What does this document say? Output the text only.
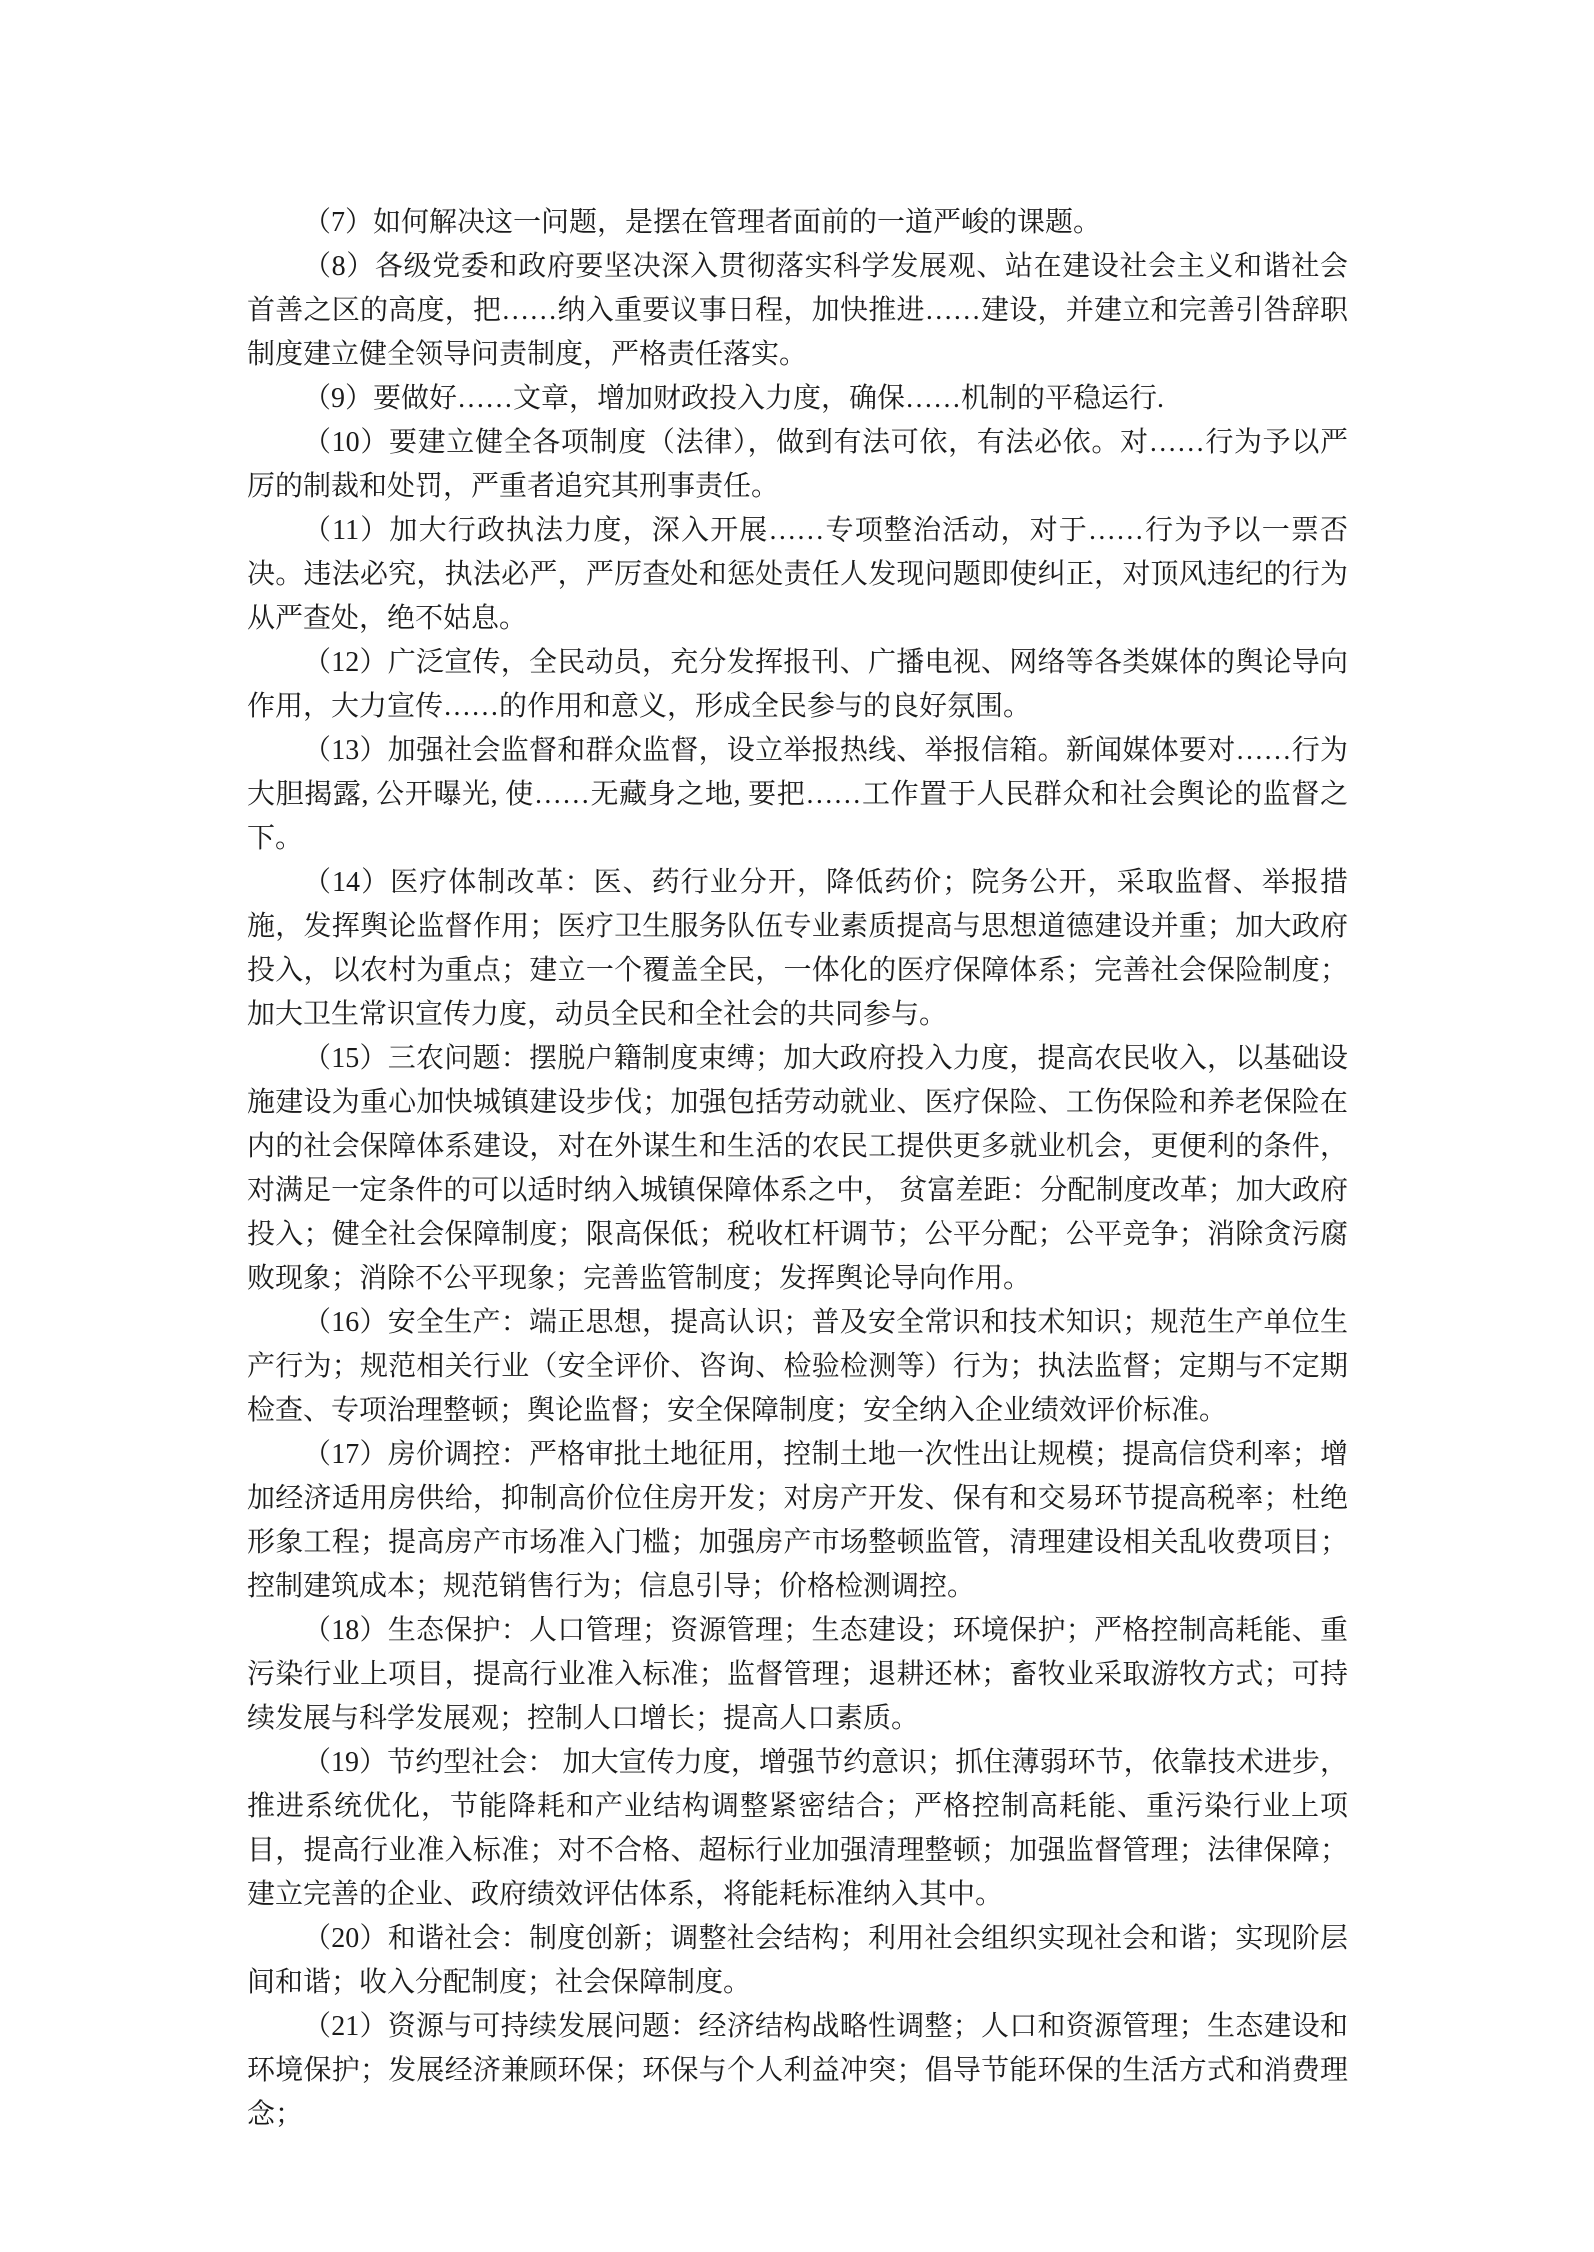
（7）如何解决这一问题，是摆在管理者面前的一道严峻的课题。

（8）各级党委和政府要坚决深入贯彻落实科学发展观、站在建设社会主义和谐社会首善之区的高度，把……纳入重要议事日程，加快推进……建设，并建立和完善引咎辞职制度建立健全领导问责制度，严格责任落实。

（9）要做好……文章，增加财政投入力度，确保……机制的平稳运行.

（10）要建立健全各项制度（法律），做到有法可依，有法必依。对……行为予以严厉的制裁和处罚，严重者追究其刑事责任。

（11）加大行政执法力度，深入开展……专项整治活动，对于……行为予以一票否决。违法必究，执法必严，严厉查处和惩处责任人发现问题即使纠正，对顶风违纪的行为从严查处，绝不姑息。

（12）广泛宣传，全民动员，充分发挥报刊、广播电视、网络等各类媒体的舆论导向作用，大力宣传……的作用和意义，形成全民参与的良好氛围。

（13）加强社会监督和群众监督，设立举报热线、举报信箱。新闻媒体要对……行为大胆揭露, 公开曝光, 使……无藏身之地, 要把……工作置于人民群众和社会舆论的监督之下。

（14）医疗体制改革：医、药行业分开，降低药价；院务公开，采取监督、举报措施，发挥舆论监督作用；医疗卫生服务队伍专业素质提高与思想道德建设并重；加大政府投入，以农村为重点；建立一个覆盖全民，一体化的医疗保障体系；完善社会保险制度；加大卫生常识宣传力度，动员全民和全社会的共同参与。

（15）三农问题：摆脱户籍制度束缚；加大政府投入力度，提高农民收入，以基础设施建设为重心加快城镇建设步伐；加强包括劳动就业、医疗保险、工伤保险和养老保险在内的社会保障体系建设，对在外谋生和生活的农民工提供更多就业机会，更便利的条件，对满足一定条件的可以适时纳入城镇保障体系之中， 贫富差距：分配制度改革；加大政府投入；健全社会保障制度；限高保低；税收杠杆调节；公平分配；公平竞争；消除贪污腐败现象；消除不公平现象；完善监管制度；发挥舆论导向作用。

（16）安全生产：端正思想，提高认识；普及安全常识和技术知识；规范生产单位生产行为；规范相关行业（安全评价、咨询、检验检测等）行为；执法监督；定期与不定期检查、专项治理整顿；舆论监督；安全保障制度；安全纳入企业绩效评价标准。

（17）房价调控：严格审批土地征用，控制土地一次性出让规模；提高信贷利率；增加经济适用房供给，抑制高价位住房开发；对房产开发、保有和交易环节提高税率；杜绝形象工程；提高房产市场准入门槛；加强房产市场整顿监管，清理建设相关乱收费项目；控制建筑成本；规范销售行为；信息引导；价格检测调控。

（18）生态保护：人口管理；资源管理；生态建设；环境保护；严格控制高耗能、重污染行业上项目，提高行业准入标准；监督管理；退耕还林；畜牧业采取游牧方式；可持续发展与科学发展观；控制人口增长；提高人口素质。

（19）节约型社会： 加大宣传力度，增强节约意识；抓住薄弱环节，依靠技术进步，推进系统优化，节能降耗和产业结构调整紧密结合；严格控制高耗能、重污染行业上项目，提高行业准入标准；对不合格、超标行业加强清理整顿；加强监督管理；法律保障；建立完善的企业、政府绩效评估体系，将能耗标准纳入其中。

（20）和谐社会：制度创新；调整社会结构；利用社会组织实现社会和谐；实现阶层间和谐；收入分配制度；社会保障制度。

（21）资源与可持续发展问题：经济结构战略性调整；人口和资源管理；生态建设和环境保护；发展经济兼顾环保；环保与个人利益冲突；倡导节能环保的生活方式和消费理念；
